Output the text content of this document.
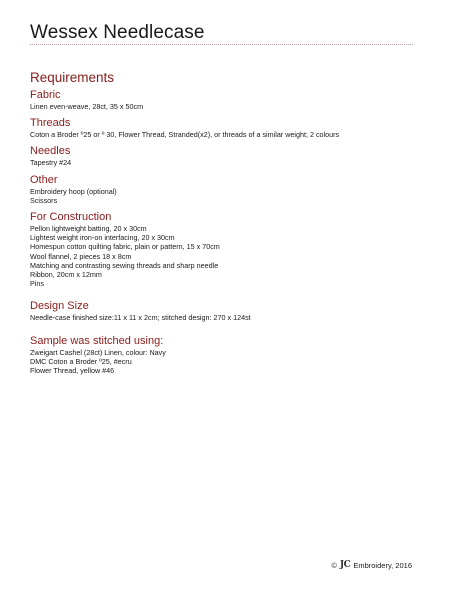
Wessex Needlecase
Requirements
Fabric

Linen even-weave, 28ct, 35 x 50cm

Threads

Coton a Broder º25 or º 30, Flower Thread, Stranded(x2), or threads of a similar weight; 2 colours

Needles

Tapestry #24

Other

Embroidery hoop (optional)

Scissors

For Construction

Pellon lightweight batting, 20 x 30cm

Lightest weight iron-on interfacing, 20 x 30cm

Homespun cotton quilting fabric, plain or pattern, 15 x 70cm

Wool flannel, 2 pieces 18 x 8cm

Matching and contrasting sewing threads and sharp needle

Ribbon, 20cm x 12mm

Pins

Design Size

Needle-case finished size:11 x 11 x 2cm; stitched design: 270 x 124st

Sample was stitched using:

Zweigart Cashel (28ct) Linen, colour: Navy

DMC Coton a Broder º25, #ecru

Flower Thread, yellow #46

© JC Embroidery, 2016
